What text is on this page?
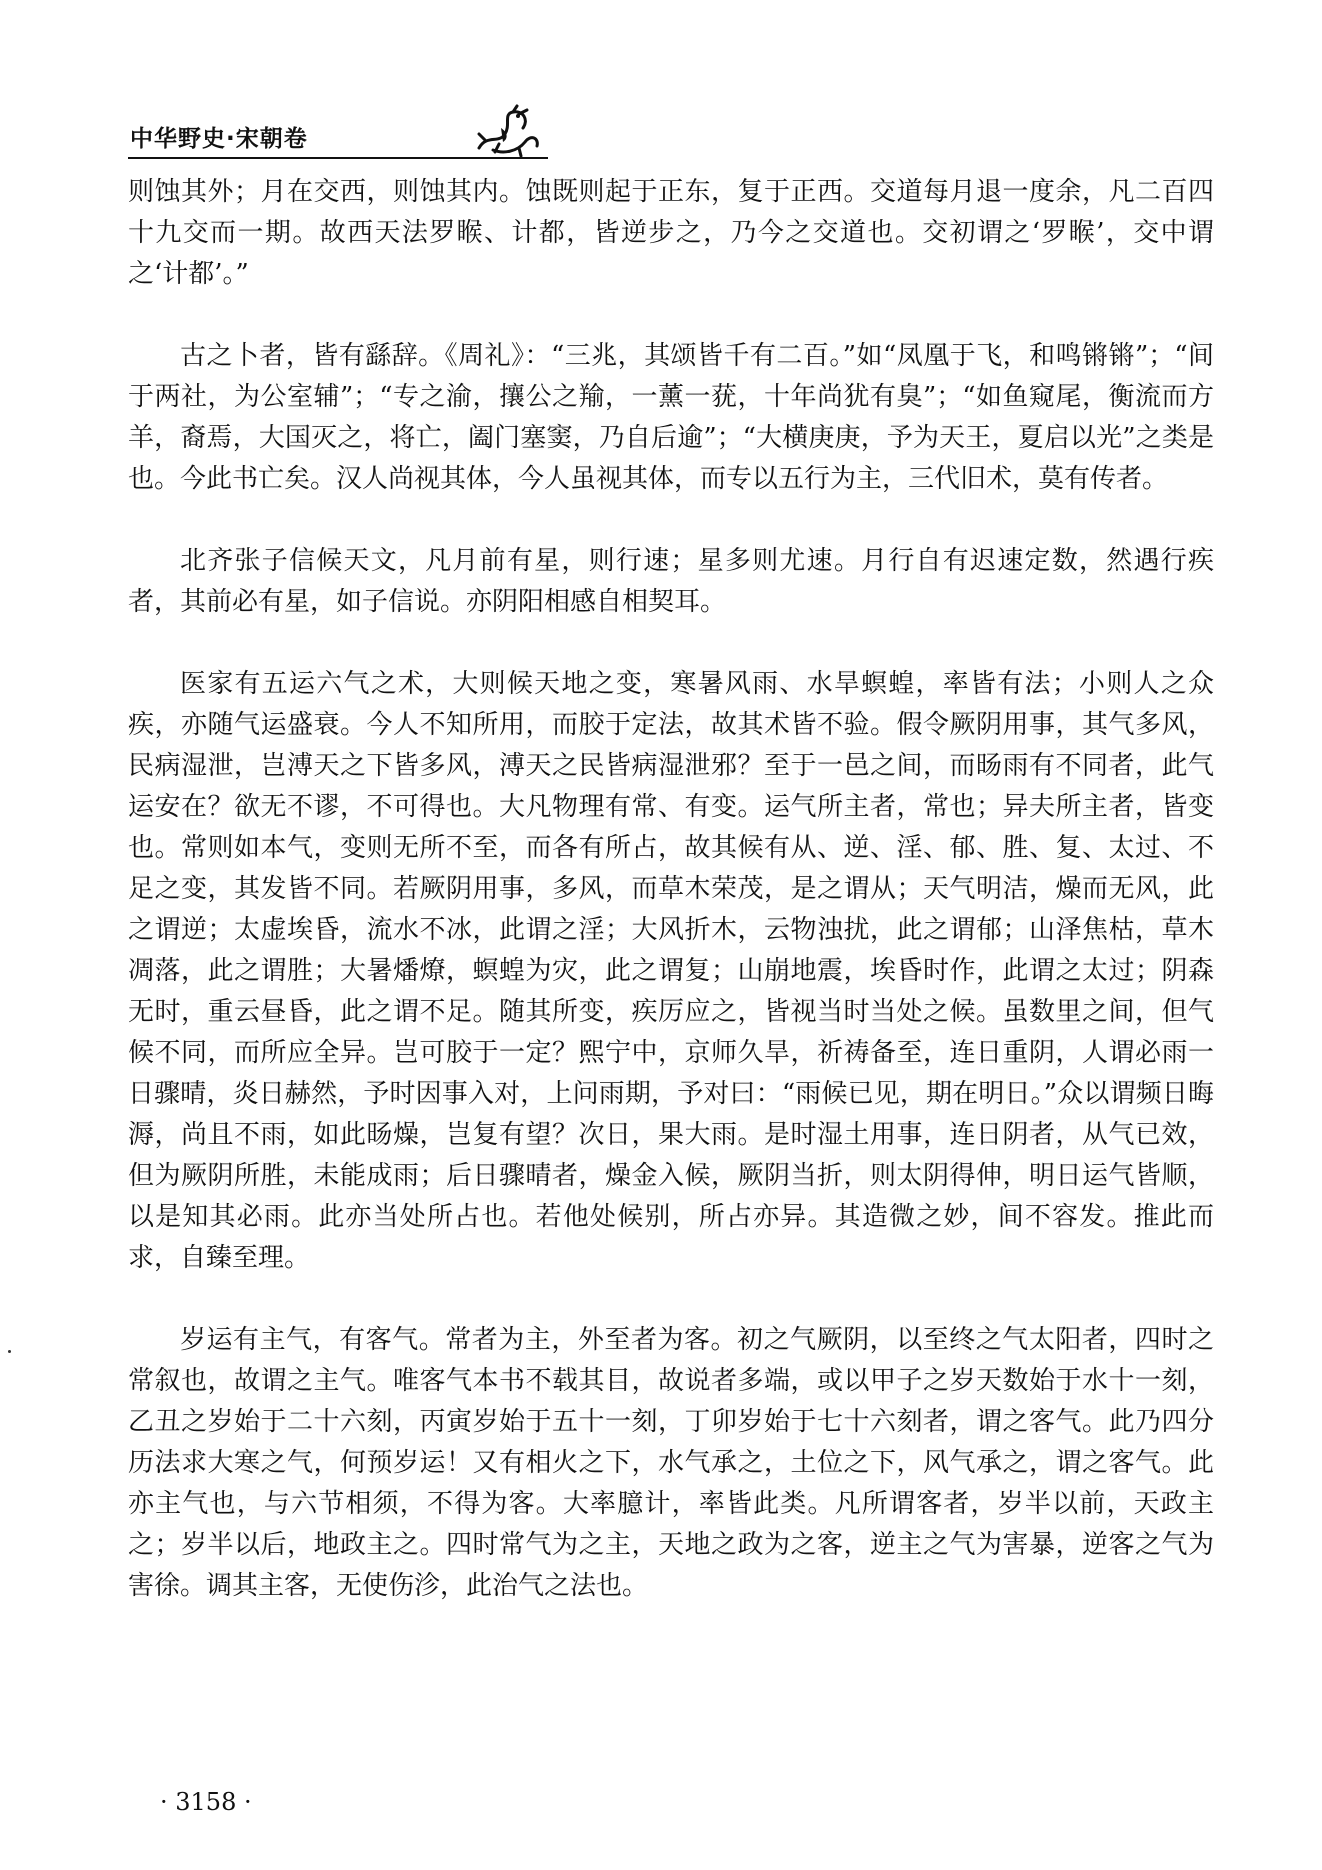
中华野史·宋朝卷

则蚀其外；月在交西，则蚀其内。蚀既则起于正东，复于正西。交道每月退一度余，凡二百四十九交而一期。故西天法罗睺、计都，皆逆步之，乃今之交道也。交初谓之‘罗睺’，交中谓之‘计都’。”

古之卜者，皆有繇辞。《周礼》：“三兆，其颂皆千有二百。”如“凤凰于飞，和鸣锵锵”；“间于两社，为公室辅”；“专之渝，攘公之羭，一薰一莸，十年尚犹有臭”；“如鱼窥尾，衡流而方羊，裔焉，大国灭之，将亡，阖门塞窦，乃自后逾”；“大横庚庚，予为天王，夏启以光”之类是也。今此书亡矣。汉人尚视其体，今人虽视其体，而专以五行为主，三代旧术，莫有传者。

北齐张子信候天文，凡月前有星，则行速；星多则尤速。月行自有迟速定数，然遇行疾者，其前必有星，如子信说。亦阴阳相感自相契耳。

医家有五运六气之术，大则候天地之变，寒暑风雨、水旱螟蝗，率皆有法；小则人之众疾，亦随气运盛衰。今人不知所用，而胶于定法，故其术皆不验。假令厥阴用事，其气多风，民病湿泄，岂溥天之下皆多风，溥天之民皆病湿泄邪？至于一邑之间，而旸雨有不同者，此气运安在？欲无不谬，不可得也。大凡物理有常、有变。运气所主者，常也；异夫所主者，皆变也。常则如本气，变则无所不至，而各有所占，故其候有从、逆、淫、郁、胜、复、太过、不足之变，其发皆不同。若厥阴用事，多风，而草木荣茂，是之谓从；天气明洁，燥而无风，此之谓逆；太虚埃昏，流水不冰，此谓之淫；大风折木，云物浊扰，此之谓郁；山泽焦枯，草木凋落，此之谓胜；大暑燔燎，螟蝗为灾，此之谓复；山崩地震，埃昏时作，此谓之太过；阴森无时，重云昼昏，此之谓不足。随其所变，疾厉应之，皆视当时当处之候。虽数里之间，但气候不同，而所应全异。岂可胶于一定？熙宁中，京师久旱，祈祷备至，连日重阴，人谓必雨一日骤晴，炎日赫然，予时因事入对，上问雨期，予对曰：“雨候已见，期在明日。”众以谓频日晦溽，尚且不雨，如此旸燥，岂复有望？次日，果大雨。是时湿土用事，连日阴者，从气已效，但为厥阴所胜，未能成雨；后日骤晴者，燥金入候，厥阴当折，则太阴得伸，明日运气皆顺，以是知其必雨。此亦当处所占也。若他处候别，所占亦异。其造微之妙，间不容发。推此而求，自臻至理。

岁运有主气，有客气。常者为主，外至者为客。初之气厥阴，以至终之气太阳者，四时之常叙也，故谓之主气。唯客气本书不载其目，故说者多端，或以甲子之岁天数始于水十一刻，乙丑之岁始于二十六刻，丙寅岁始于五十一刻，丁卯岁始于七十六刻者，谓之客气。此乃四分历法求大寒之气，何预岁运！又有相火之下，水气承之，土位之下，风气承之，谓之客气。此亦主气也，与六节相须，不得为客。大率臆计，率皆此类。凡所谓客者，岁半以前，天政主之；岁半以后，地政主之。四时常气为之主，天地之政为之客，逆主之气为害暴，逆客之气为害徐。调其主客，无使伤沴，此治气之法也。

· 3158 ·
